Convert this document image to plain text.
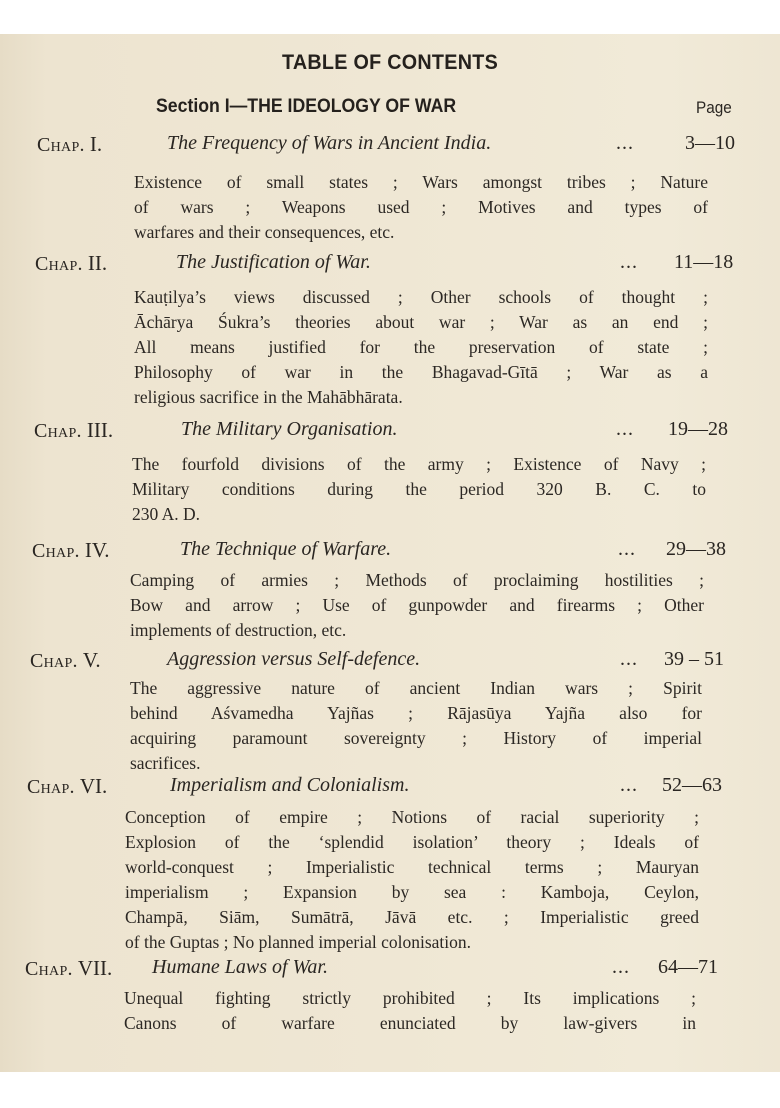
TABLE OF CONTENTS
Section I—THE IDEOLOGY OF WAR	Page
Chap. I.	The Frequency of Wars in Ancient India.	...	3—10
Existence of small states ; Wars amongst tribes ; Nature
of wars ; Weapons used ; Motives and types of
warfares and their consequences, etc.
Chap. II.	The Justification of War.	... 11—18
Kauṭilya’s views discussed ; Other schools of thought ;
Āchārya Śukra’s theories about war ; War as an end ;
All means justified for the preservation of state ;
Philosophy of war in the Bhagavad-Gītā ; War as a
religious sacrifice in the Mahābhārata.
Chap. III.	The Military Organisation.	... 19—28
The fourfold divisions of the army ; Existence of Navy ;
Military conditions during the period 320 B. C. to
230 A. D.
Chap. IV.	The Technique of Warfare.	... 29—38
Camping of armies ; Methods of proclaiming hostilities ;
Bow and arrow ; Use of gunpowder and firearms ; Other
implements of destruction, etc.
Chap. V.	Aggression versus Self-defence.	... 39 – 51
The aggressive nature of ancient Indian wars ; Spirit
behind Aśvamedha Yajñas ; Rājasūya Yajña also for
acquiring paramount sovereignty ; History of imperial
sacrifices.
Chap. VI.	Imperialism and Colonialism.	... 52—63
Conception of empire ; Notions of racial superiority ;
Explosion of the ‘splendid isolation’ theory ; Ideals of
world-conquest ; Imperialistic technical terms ; Mauryan
imperialism ; Expansion by sea : Kamboja, Ceylon,
Champā, Siām, Sumātrā, Jāvā etc. ; Imperialistic greed
of the Guptas ; No planned imperial colonisation.
Chap. VII. Humane Laws of War.	... 64—71
Unequal fighting strictly prohibited ; Its implications ;
Canons of warfare enunciated by law-givers in
